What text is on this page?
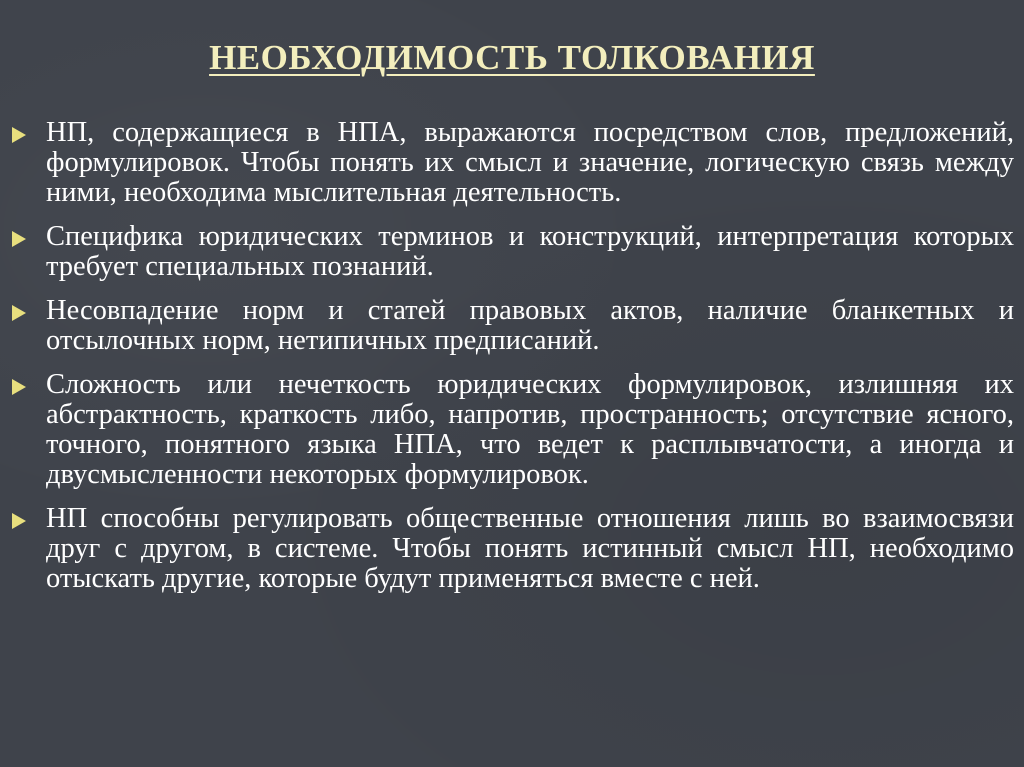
НЕОБХОДИМОСТЬ ТОЛКОВАНИЯ
НП, содержащиеся в НПА, выражаются посредством слов, предложений, формулировок. Чтобы понять их смысл и значение, логическую связь между ними, необходима мыслительная деятельность.
Специфика юридических терминов и конструкций, интерпретация которых требует специальных познаний.
Несовпадение норм и статей правовых актов, наличие бланкетных и отсылочных норм, нетипичных предписаний.
Сложность или нечеткость юридических формулировок, излишняя их абстрактность, краткость либо, напротив, пространность; отсутствие ясного, точного, понятного языка НПА, что ведет к расплывчатости, а иногда и двусмысленности некоторых формулировок.
НП способны регулировать общественные отношения лишь во взаимосвязи друг с другом, в системе. Чтобы понять истинный смысл НП, необходимо отыскать другие, которые будут применяться вместе с ней.
